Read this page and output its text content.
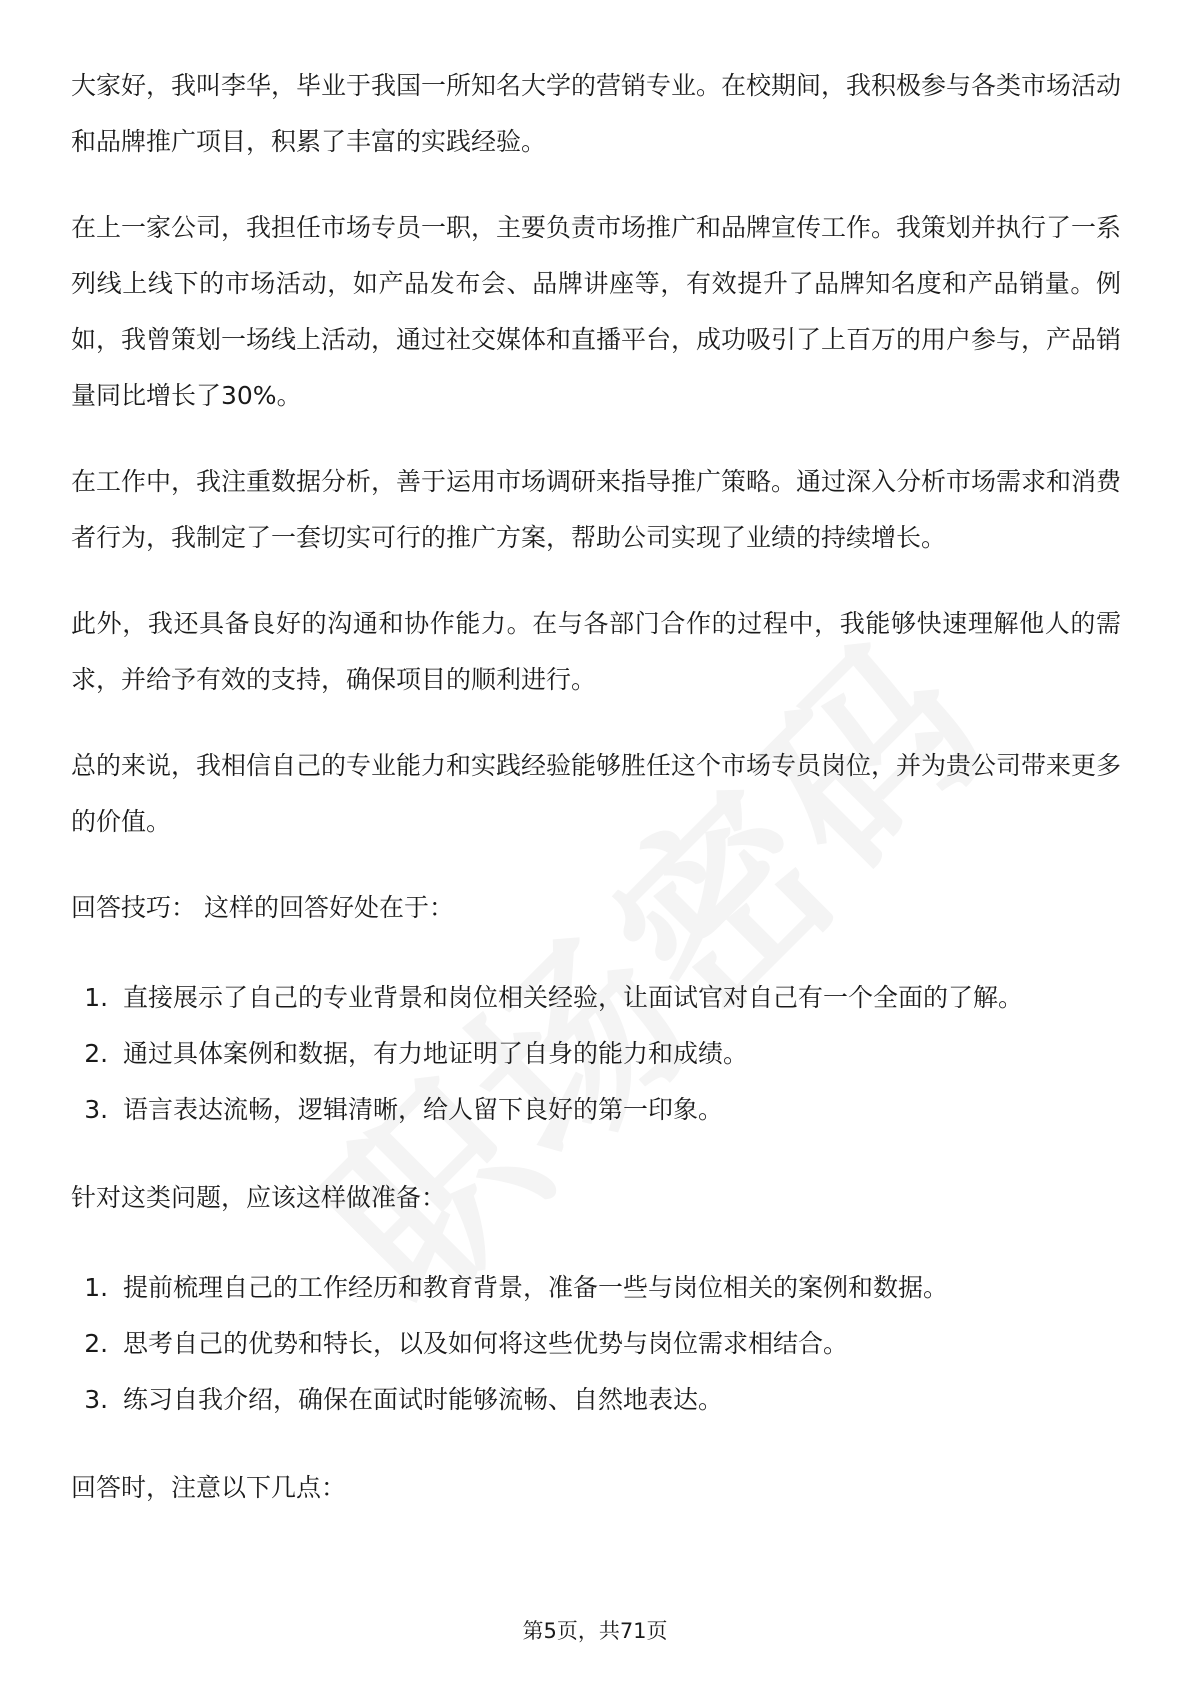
大家好，我叫李华，毕业于我国一所知名大学的营销专业。在校期间，我积极参与各类市场活动和品牌推广项目，积累了丰富的实践经验。

在上一家公司，我担任市场专员一职，主要负责市场推广和品牌宣传工作。我策划并执行了一系列线上线下的市场活动，如产品发布会、品牌讲座等，有效提升了品牌知名度和产品销量。例如，我曾策划一场线上活动，通过社交媒体和直播平台，成功吸引了上百万的用户参与，产品销量同比增长了30%。

在工作中，我注重数据分析，善于运用市场调研来指导推广策略。通过深入分析市场需求和消费者行为，我制定了一套切实可行的推广方案，帮助公司实现了业绩的持续增长。

此外，我还具备良好的沟通和协作能力。在与各部门合作的过程中，我能够快速理解他人的需求，并给予有效的支持，确保项目的顺利进行。

总的来说，我相信自己的专业能力和实践经验能够胜任这个市场专员岗位，并为贵公司带来更多的价值。

回答技巧： 这样的回答好处在于：

1. 直接展示了自己的专业背景和岗位相关经验，让面试官对自己有一个全面的了解。
2. 通过具体案例和数据，有力地证明了自身的能力和成绩。
3. 语言表达流畅，逻辑清晰，给人留下良好的第一印象。

针对这类问题，应该这样做准备：

1. 提前梳理自己的工作经历和教育背景，准备一些与岗位相关的案例和数据。
2. 思考自己的优势和特长，以及如何将这些优势与岗位需求相结合。
3. 练习自我介绍，确保在面试时能够流畅、自然地表达。

回答时，注意以下几点：

第5页，共71页
